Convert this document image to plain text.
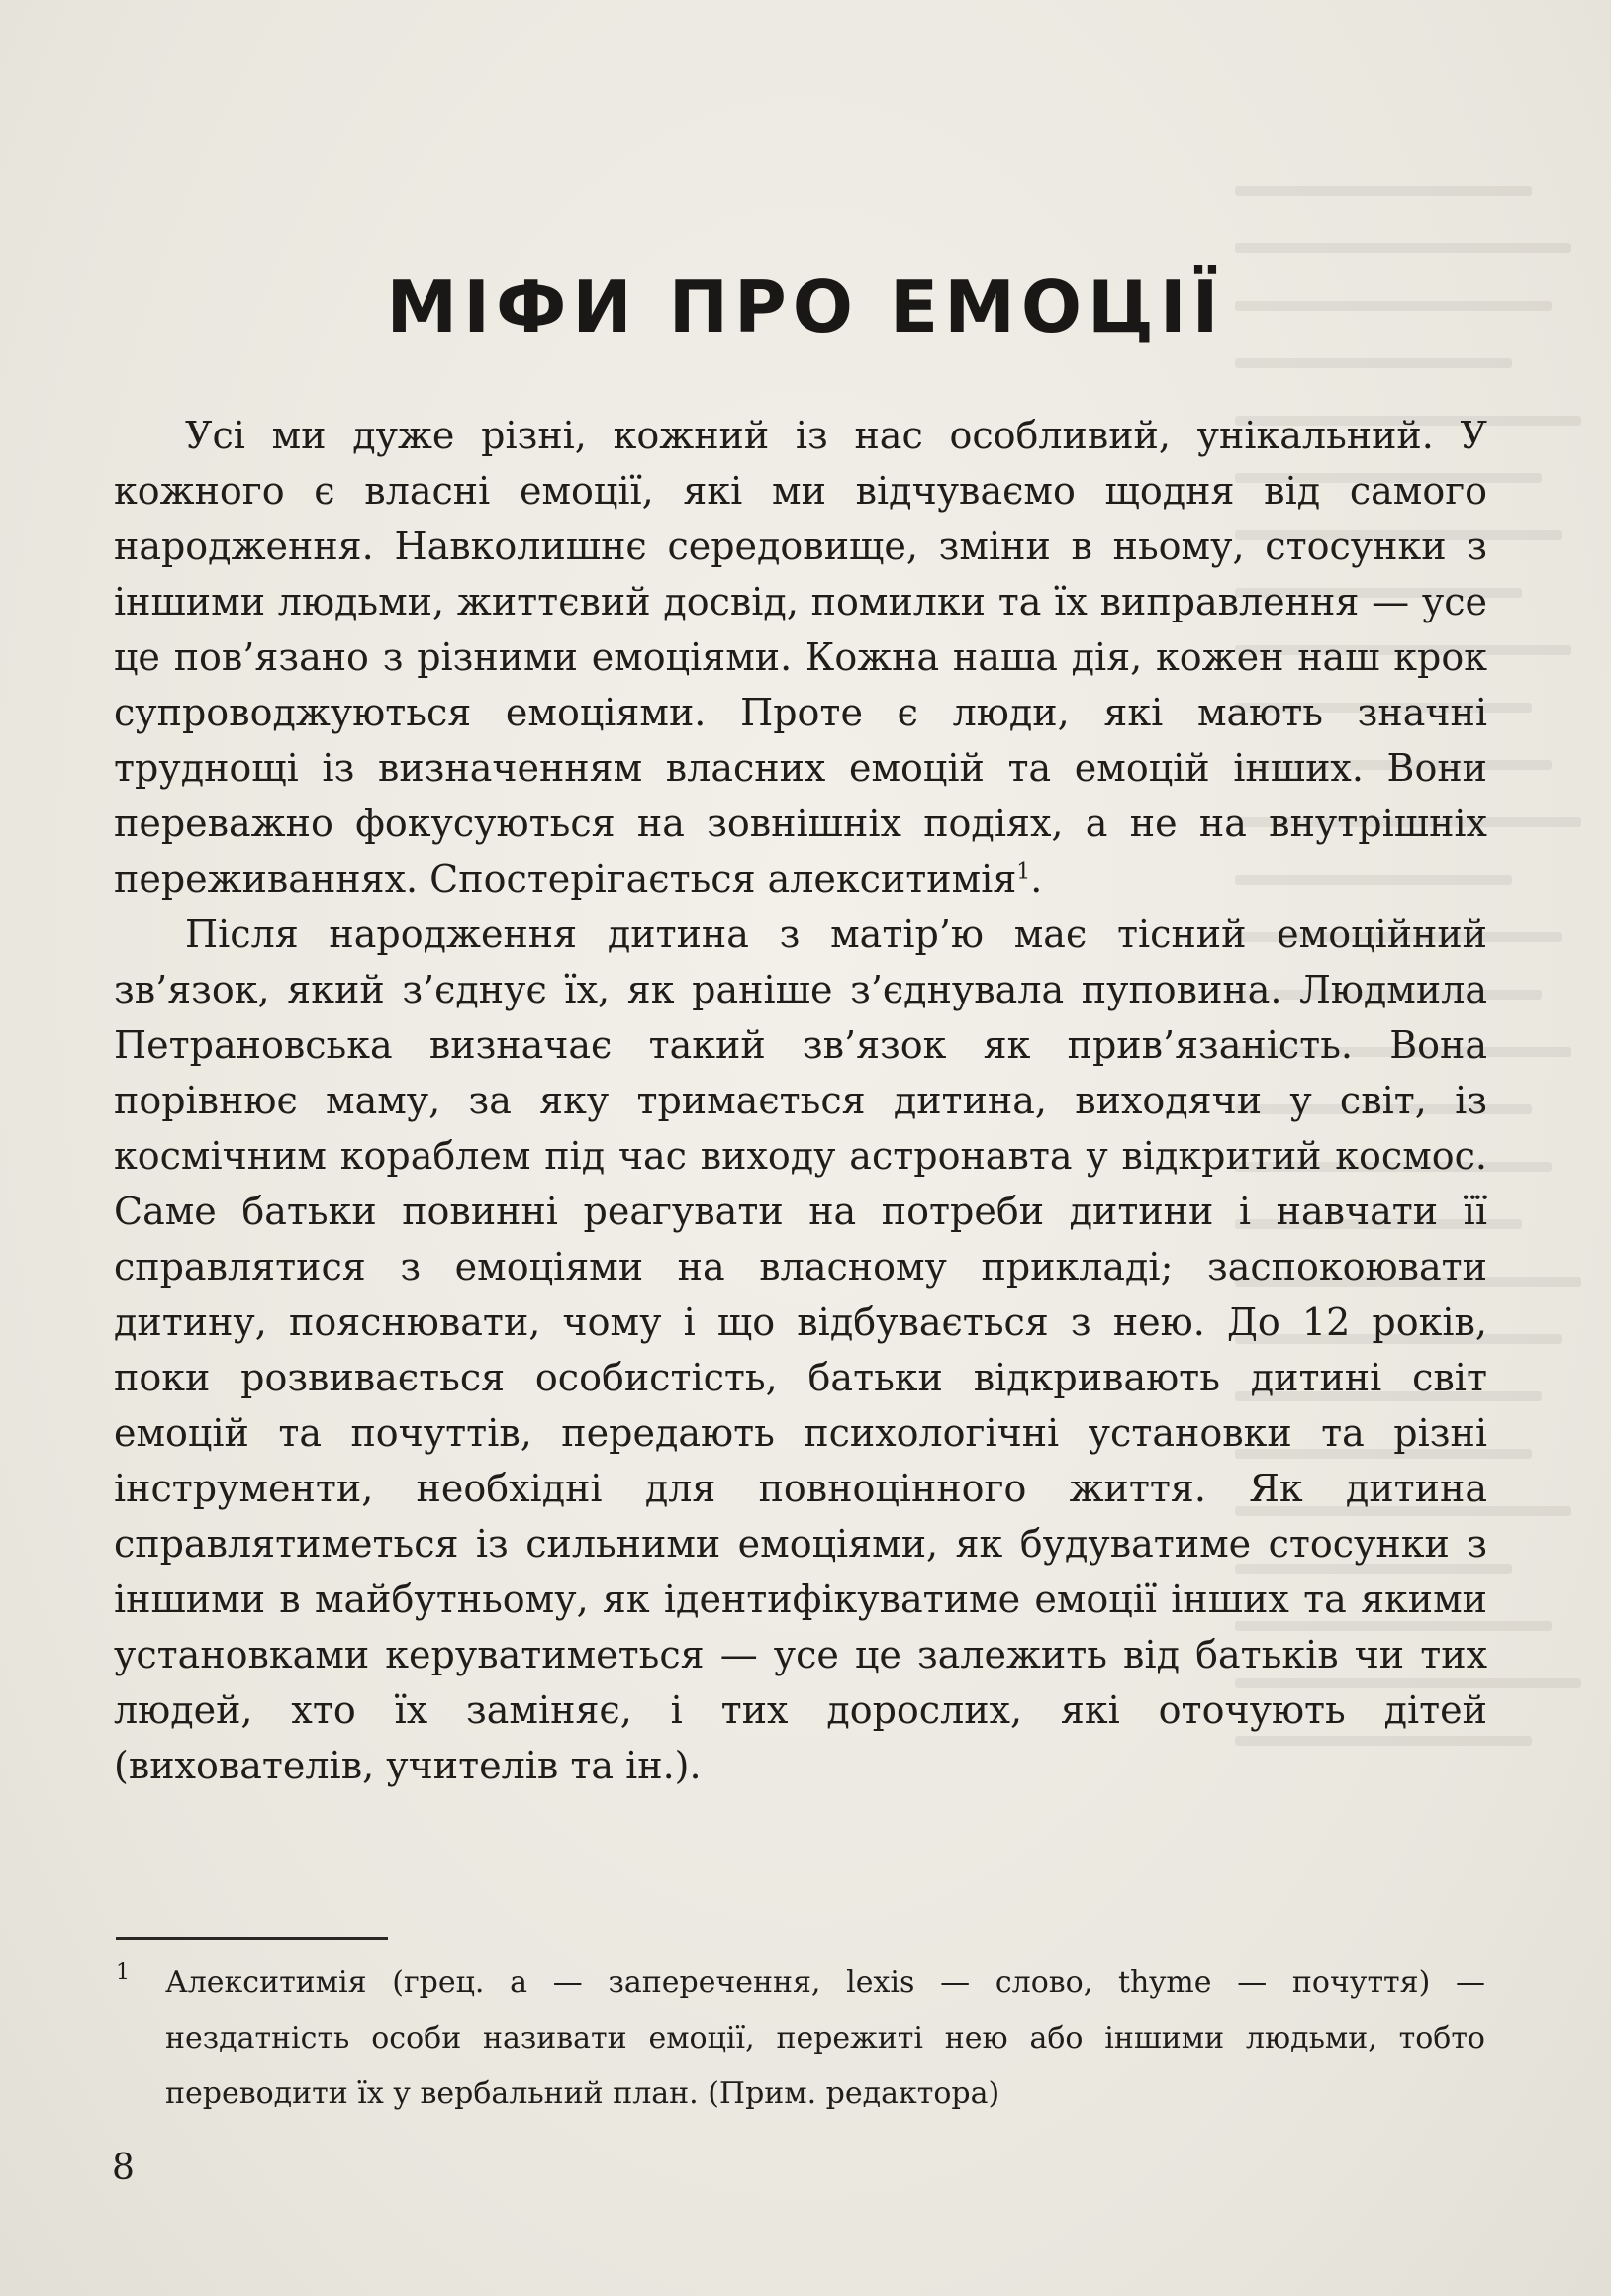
МІФИ ПРО ЕМОЦІЇ

Усі ми дуже різні, кожний із нас особливий, унікальний. У кожного є власні емоції, які ми відчуваємо щодня від самого народження. Навколишнє середовище, зміни в ньому, стосунки з іншими людьми, життєвий досвід, помилки та їх виправлення — усе це пов’язано з різними емоціями. Кожна наша дія, кожен наш крок супроводжуються емоціями. Проте є люди, які мають значні труднощі із визначенням власних емоцій та емоцій інших. Вони переважно фокусуються на зовнішніх подіях, а не на внутрішніх переживаннях. Спостерігається алекситимія$^1$.

Після народження дитина з матір’ю має тісний емоційний зв’язок, який з’єднує їх, як раніше з’єднувала пуповина. Людмила Петрановська визначає такий зв’язок як прив’язаність. Вона порівнює маму, за яку тримається дитина, виходячи у світ, із космічним кораблем під час виходу астронавта у відкритий космос. Саме батьки повинні реагувати на потреби дитини і навчати її справлятися з емоціями на власному прикладі; заспокоювати дитину, пояснювати, чому і що відбувається з нею. До 12 років, поки розвивається особистість, батьки відкривають дитині світ емоцій та почуттів, передають психологічні установки та різні інструменти, необхідні для повноцінного життя. Як дитина справлятиметься із сильними емоціями, як будуватиме стосунки з іншими в майбутньому, як ідентифікуватиме емоції інших та якими установками керуватиметься — усе це залежить від батьків чи тих людей, хто їх заміняє, і тих дорослих, які оточують дітей (вихователів, учителів та ін.).

1 Алекситимія (грец. а — заперечення, lexis — слово, thyme — почуття) — нездатність особи називати емоції, пережиті нею або іншими людьми, тобто переводити їх у вербальний план. (Прим. редактора)
8
